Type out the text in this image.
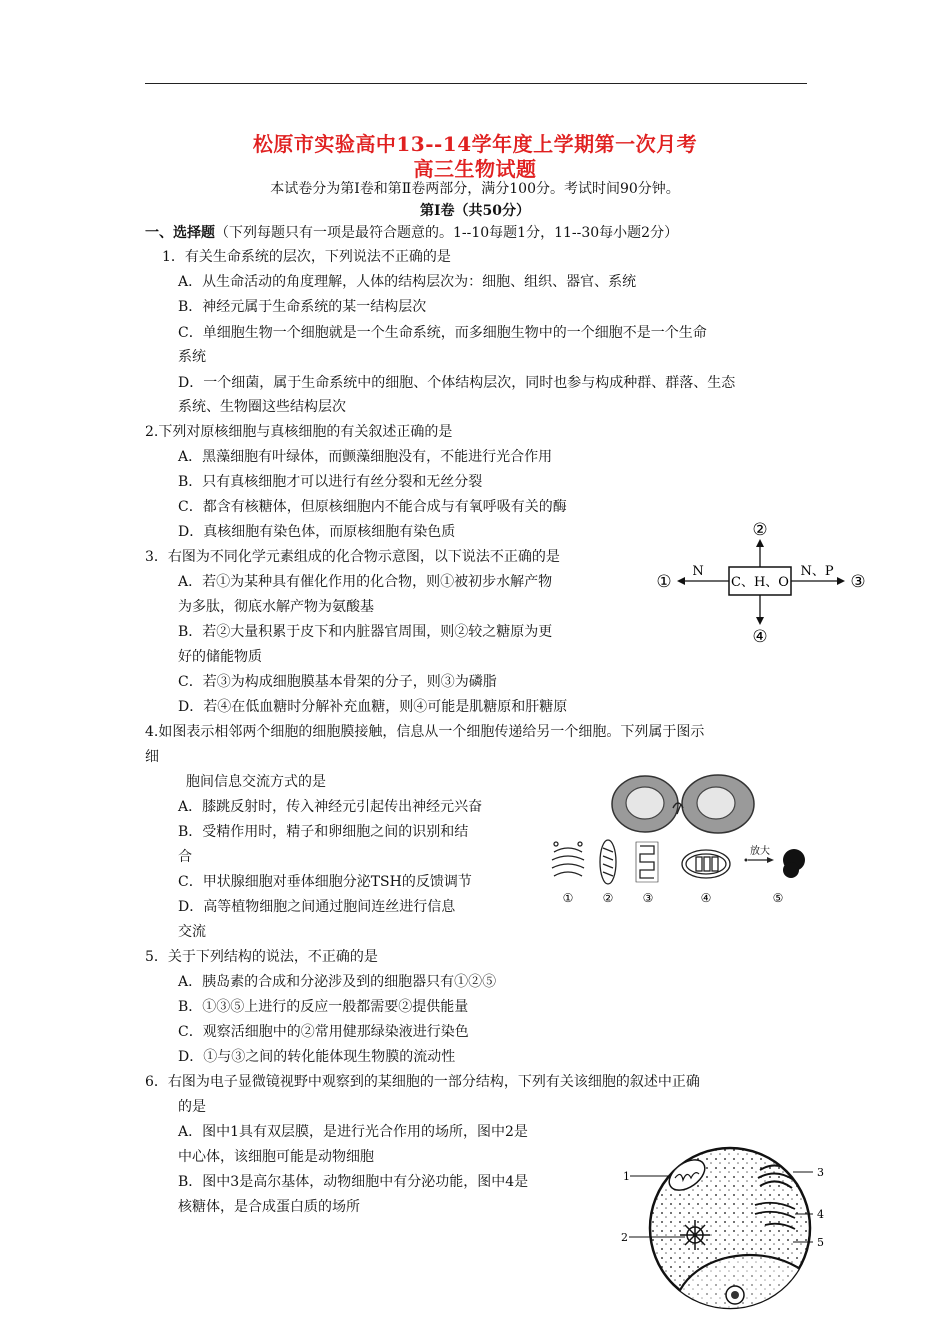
松原市实验高中13--14学年度上学期第一次月考
高三生物试题
本试卷分为第Ⅰ卷和第Ⅱ卷两部分，满分100分。考试时间90分钟。
第Ⅰ卷（共50分）
一、选择题（下列每题只有一项是最符合题意的。1--10每题1分，11--30每小题2分）
1．有关生命系统的层次，下列说法不正确的是
A．从生命活动的角度理解，人体的结构层次为：细胞、组织、器官、系统
B．神经元属于生命系统的某一结构层次
C．单细胞生物一个细胞就是一个生命系统，而多细胞生物中的一个细胞不是一个生命
系统
D．一个细菌，属于生命系统中的细胞、个体结构层次，同时也参与构成种群、群落、生态
系统、生物圈这些结构层次
2.下列对原核细胞与真核细胞的有关叙述正确的是
A．黑藻细胞有叶绿体，而颤藻细胞没有，不能进行光合作用
B．只有真核细胞才可以进行有丝分裂和无丝分裂
C．都含有核糖体，但原核细胞内不能合成与有氧呼吸有关的酶
D．真核细胞有染色体，而原核细胞有染色质
3．右图为不同化学元素组成的化合物示意图，以下说法不正确的是
A．若①为某种具有催化作用的化合物，则①被初步水解产物
为多肽，彻底水解产物为氨酸基
B．若②大量积累于皮下和内脏器官周围，则②较之糖原为更
好的储能物质
C．若③为构成细胞膜基本骨架的分子，则③为磷脂
D．若④在低血糖时分解补充血糖，则④可能是肌糖原和肝糖原
C、H、O
②
④
N
①
N、P
③
4.如图表示相邻两个细胞的细胞膜接触，信息从一个细胞传递给另一个细胞。下列属于图示
细
胞间信息交流方式的是
A．膝跳反射时，传入神经元引起传出神经元兴奋
B．受精作用时，精子和卵细胞之间的识别和结
合
C．甲状腺细胞对垂体细胞分泌TSH的反馈调节
D．高等植物细胞之间通过胞间连丝进行信息
交流
① ② ③	④
放大
⑤
5．关于下列结构的说法，不正确的是
A．胰岛素的合成和分泌涉及到的细胞器只有①②⑤
B．①③⑤上进行的反应一般都需要②提供能量
C．观察活细胞中的②常用健那绿染液进行染色
D．①与③之间的转化能体现生物膜的流动性
6．右图为电子显微镜视野中观察到的某细胞的一部分结构，下列有关该细胞的叙述中正确
的是
A．图中1具有双层膜，是进行光合作用的场所，图中2是
中心体，该细胞可能是动物细胞
B．图中3是高尔基体，动物细胞中有分泌功能，图中4是
核糖体，是合成蛋白质的场所
1
2
3
4
5
